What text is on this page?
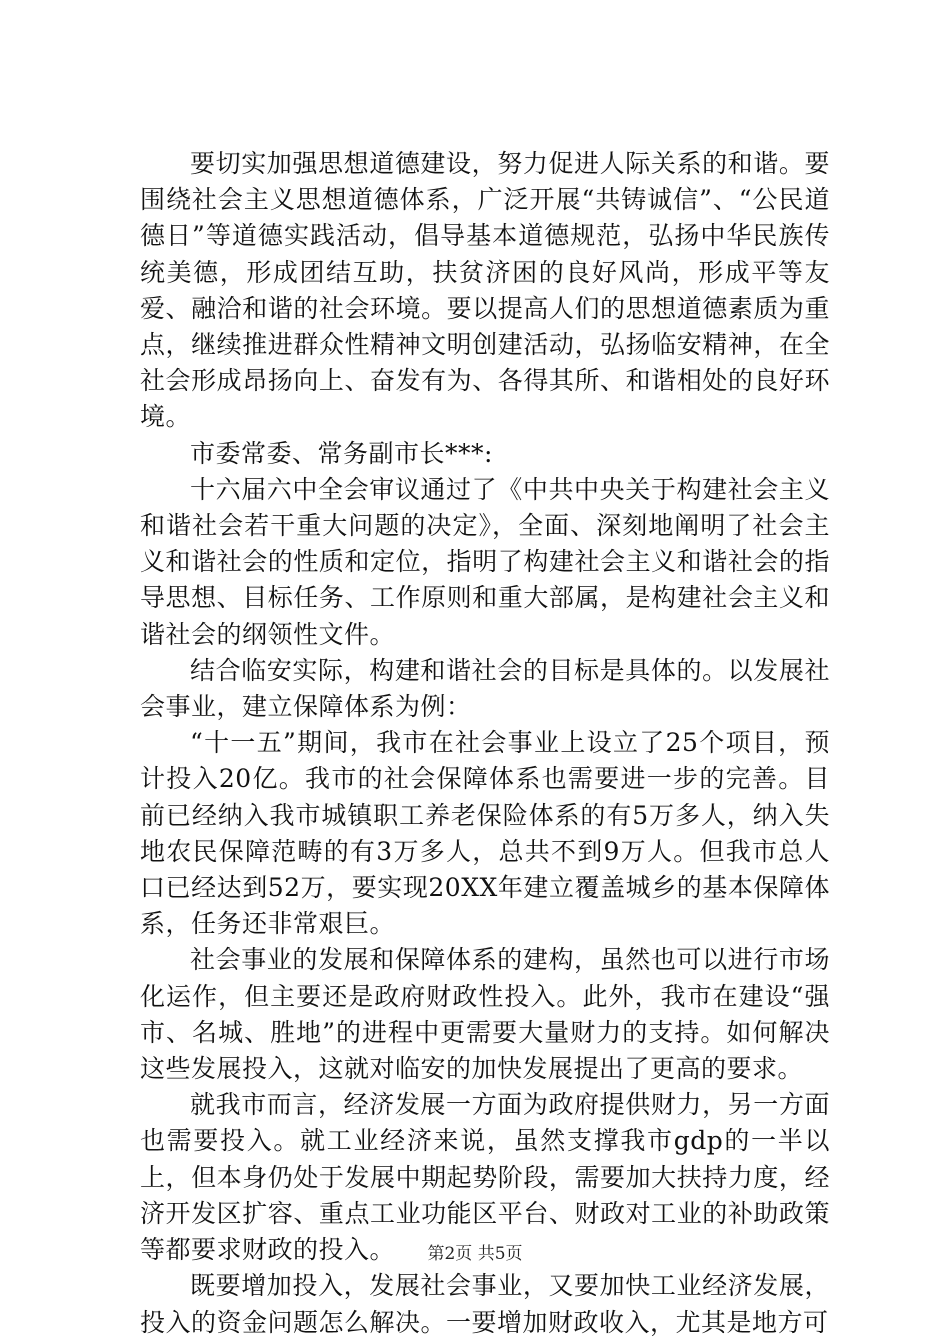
要切实加强思想道德建设，努力促进人际关系的和谐。要围绕社会主义思想道德体系，广泛开展“共铸诚信”、“公民道德日”等道德实践活动，倡导基本道德规范，弘扬中华民族传统美德，形成团结互助，扶贫济困的良好风尚，形成平等友爱、融洽和谐的社会环境。要以提高人们的思想道德素质为重点，继续推进群众性精神文明创建活动，弘扬临安精神，在全社会形成昂扬向上、奋发有为、各得其所、和谐相处的良好环境。

市委常委、常务副市长***:

十六届六中全会审议通过了《中共中央关于构建社会主义和谐社会若干重大问题的决定》，全面、深刻地阐明了社会主义和谐社会的性质和定位，指明了构建社会主义和谐社会的指导思想、目标任务、工作原则和重大部属，是构建社会主义和谐社会的纲领性文件。

结合临安实际，构建和谐社会的目标是具体的。以发展社会事业，建立保障体系为例：

“十一五”期间，我市在社会事业上设立了25个项目，预计投入20亿。我市的社会保障体系也需要进一步的完善。目前已经纳入我市城镇职工养老保险体系的有5万多人，纳入失地农民保障范畴的有3万多人，总共不到9万人。但我市总人口已经达到52万，要实现20XX年建立覆盖城乡的基本保障体系，任务还非常艰巨。

社会事业的发展和保障体系的建构，虽然也可以进行市场化运作，但主要还是政府财政性投入。此外，我市在建设“强市、名城、胜地”的进程中更需要大量财力的支持。如何解决这些发展投入，这就对临安的加快发展提出了更高的要求。

就我市而言，经济发展一方面为政府提供财力，另一方面也需要投入。就工业经济来说，虽然支撑我市gdp的一半以上，但本身仍处于发展中期起势阶段，需要加大扶持力度，经济开发区扩容、重点工业功能区平台、财政对工业的补助政策等都要求财政的投入。

既要增加投入，发展社会事业，又要加快工业经济发展，投入的资金问题怎么解决。一要增加财政收入，尤其是地方可

第2页 共5页
